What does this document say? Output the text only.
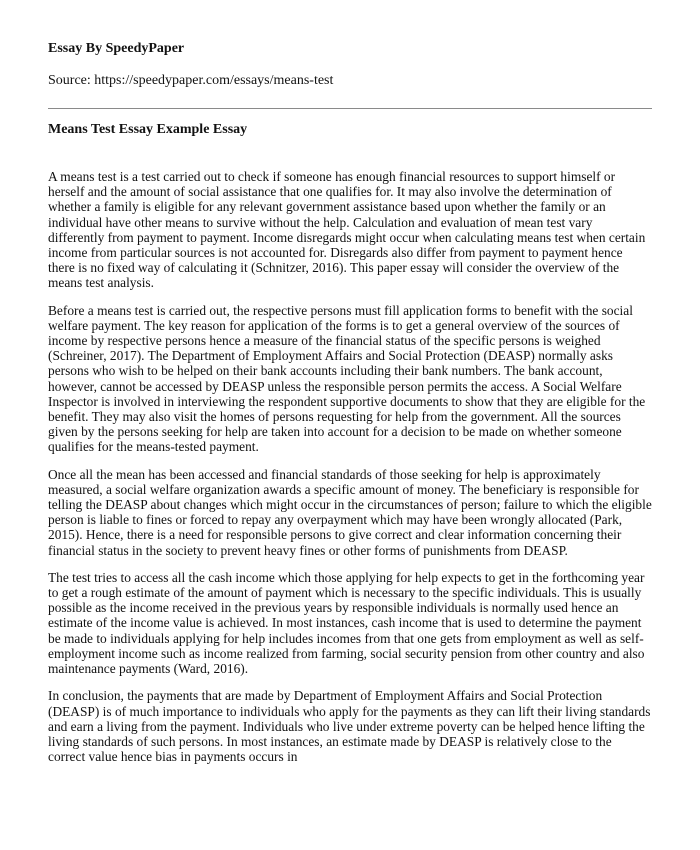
Essay By SpeedyPaper
Source: https://speedypaper.com/essays/means-test
Means Test Essay Example Essay

A means test is a test carried out to check if someone has enough financial resources to support himself or herself and the amount of social assistance that one qualifies for. It may also involve the determination of whether a family is eligible for any relevant government assistance based upon whether the family or an individual have other means to survive without the help. Calculation and evaluation of mean test vary differently from payment to payment. Income disregards might occur when calculating means test when certain income from particular sources is not accounted for. Disregards also differ from payment to payment hence there is no fixed way of calculating it (Schnitzer, 2016). This paper essay will consider the overview of the means test analysis.

Before a means test is carried out, the respective persons must fill application forms to benefit with the social welfare payment. The key reason for application of the forms is to get a general overview of the sources of income by respective persons hence a measure of the financial status of the specific persons is weighed (Schreiner, 2017). The Department of Employment Affairs and Social Protection (DEASP) normally asks persons who wish to be helped on their bank accounts including their bank numbers. The bank account, however, cannot be accessed by DEASP unless the responsible person permits the access. A Social Welfare Inspector is involved in interviewing the respondent supportive documents to show that they are eligible for the benefit. They may also visit the homes of persons requesting for help from the government. All the sources given by the persons seeking for help are taken into account for a decision to be made on whether someone qualifies for the means-tested payment.

Once all the mean has been accessed and financial standards of those seeking for help is approximately measured, a social welfare organization awards a specific amount of money. The beneficiary is responsible for telling the DEASP about changes which might occur in the circumstances of person; failure to which the eligible person is liable to fines or forced to repay any overpayment which may have been wrongly allocated (Park, 2015). Hence, there is a need for responsible persons to give correct and clear information concerning their financial status in the society to prevent heavy fines or other forms of punishments from DEASP.

The test tries to access all the cash income which those applying for help expects to get in the forthcoming year to get a rough estimate of the amount of payment which is necessary to the specific individuals. This is usually possible as the income received in the previous years by responsible individuals is normally used hence an estimate of the income value is achieved. In most instances, cash income that is used to determine the payment be made to individuals applying for help includes incomes from that one gets from employment as well as self-employment income such as income realized from farming, social security pension from other country and also maintenance payments (Ward, 2016).

In conclusion, the payments that are made by Department of Employment Affairs and Social Protection (DEASP) is of much importance to individuals who apply for the payments as they can lift their living standards and earn a living from the payment. Individuals who live under extreme poverty can be helped hence lifting the living standards of such persons. In most instances, an estimate made by DEASP is relatively close to the correct value hence bias in payments occurs in
